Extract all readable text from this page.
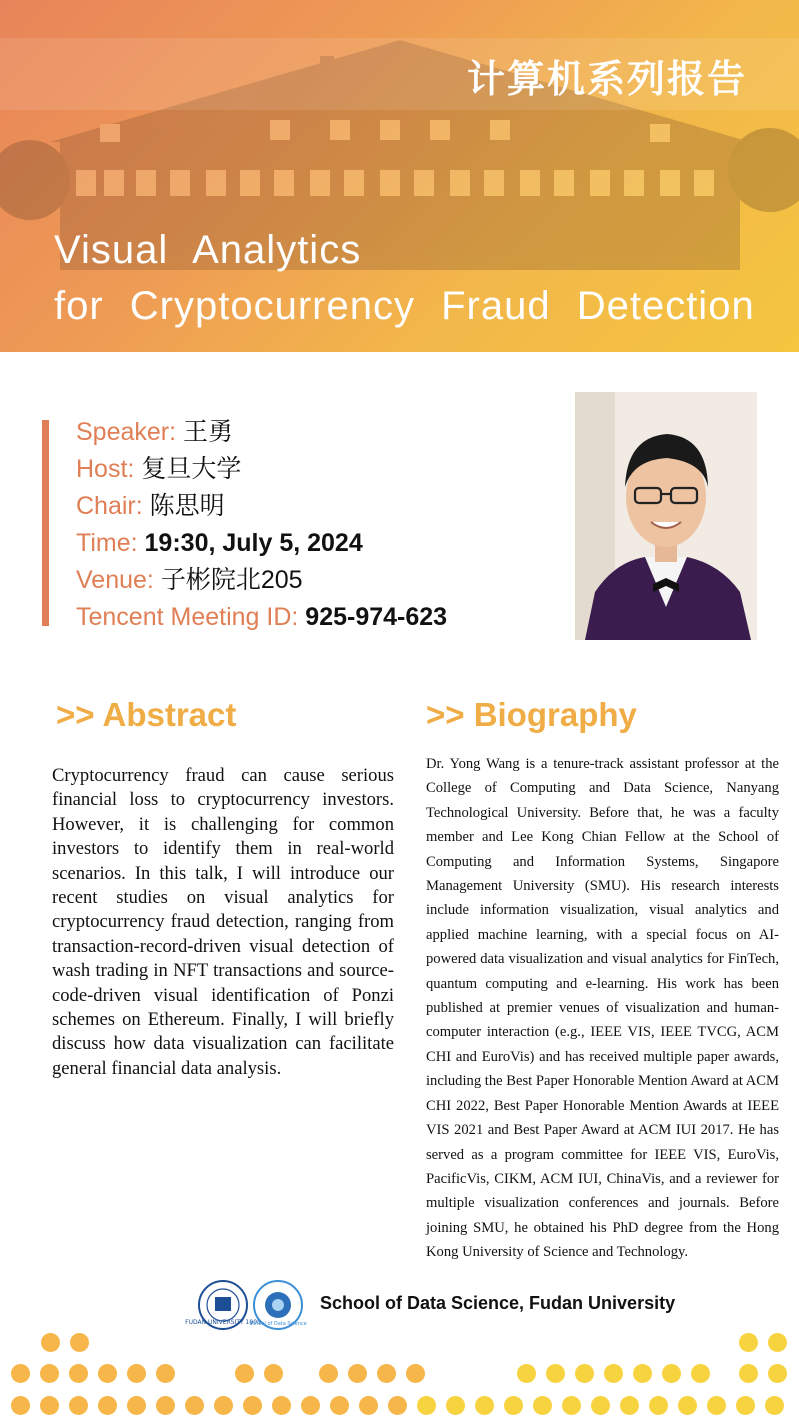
计算机系列报告
Visual Analytics
for Cryptocurrency Fraud Detection
Speaker: 王勇
Host: 复旦大学
Chair: 陈思明
Time: 19:30, July 5, 2024
Venue: 子彬院北205
Tencent Meeting ID: 925-974-623
>> Abstract
Cryptocurrency fraud can cause serious financial loss to cryptocurrency investors. However, it is challenging for common investors to identify them in real-world scenarios. In this talk, I will introduce our recent studies on visual analytics for cryptocurrency fraud detection, ranging from transaction-record-driven visual detection of wash trading in NFT transactions and source-code-driven visual identification of Ponzi schemes on Ethereum. Finally, I will briefly discuss how data visualization can facilitate general financial data analysis.
>> Biography
Dr. Yong Wang is a tenure-track assistant professor at the College of Computing and Data Science, Nanyang Technological University. Before that, he was a faculty member and Lee Kong Chian Fellow at the School of Computing and Information Systems, Singapore Management University (SMU). His research interests include information visualization, visual analytics and applied machine learning, with a special focus on AI-powered data visualization and visual analytics for FinTech, quantum computing and e-learning. His work has been published at premier venues of visualization and human-computer interaction (e.g., IEEE VIS, IEEE TVCG, ACM CHI and EuroVis) and has received multiple paper awards, including the Best Paper Honorable Mention Award at ACM CHI 2022, Best Paper Honorable Mention Awards at IEEE VIS 2021 and Best Paper Award at ACM IUI 2017. He has served as a program committee for IEEE VIS, EuroVis, PacificVis, CIKM, ACM IUI, ChinaVis, and a reviewer for multiple visualization conferences and journals. Before joining SMU, he obtained his PhD degree from the Hong Kong University of Science and Technology.
FUDAN UNIVERSITY 1905
School of Data Science
School of Data Science, Fudan University
